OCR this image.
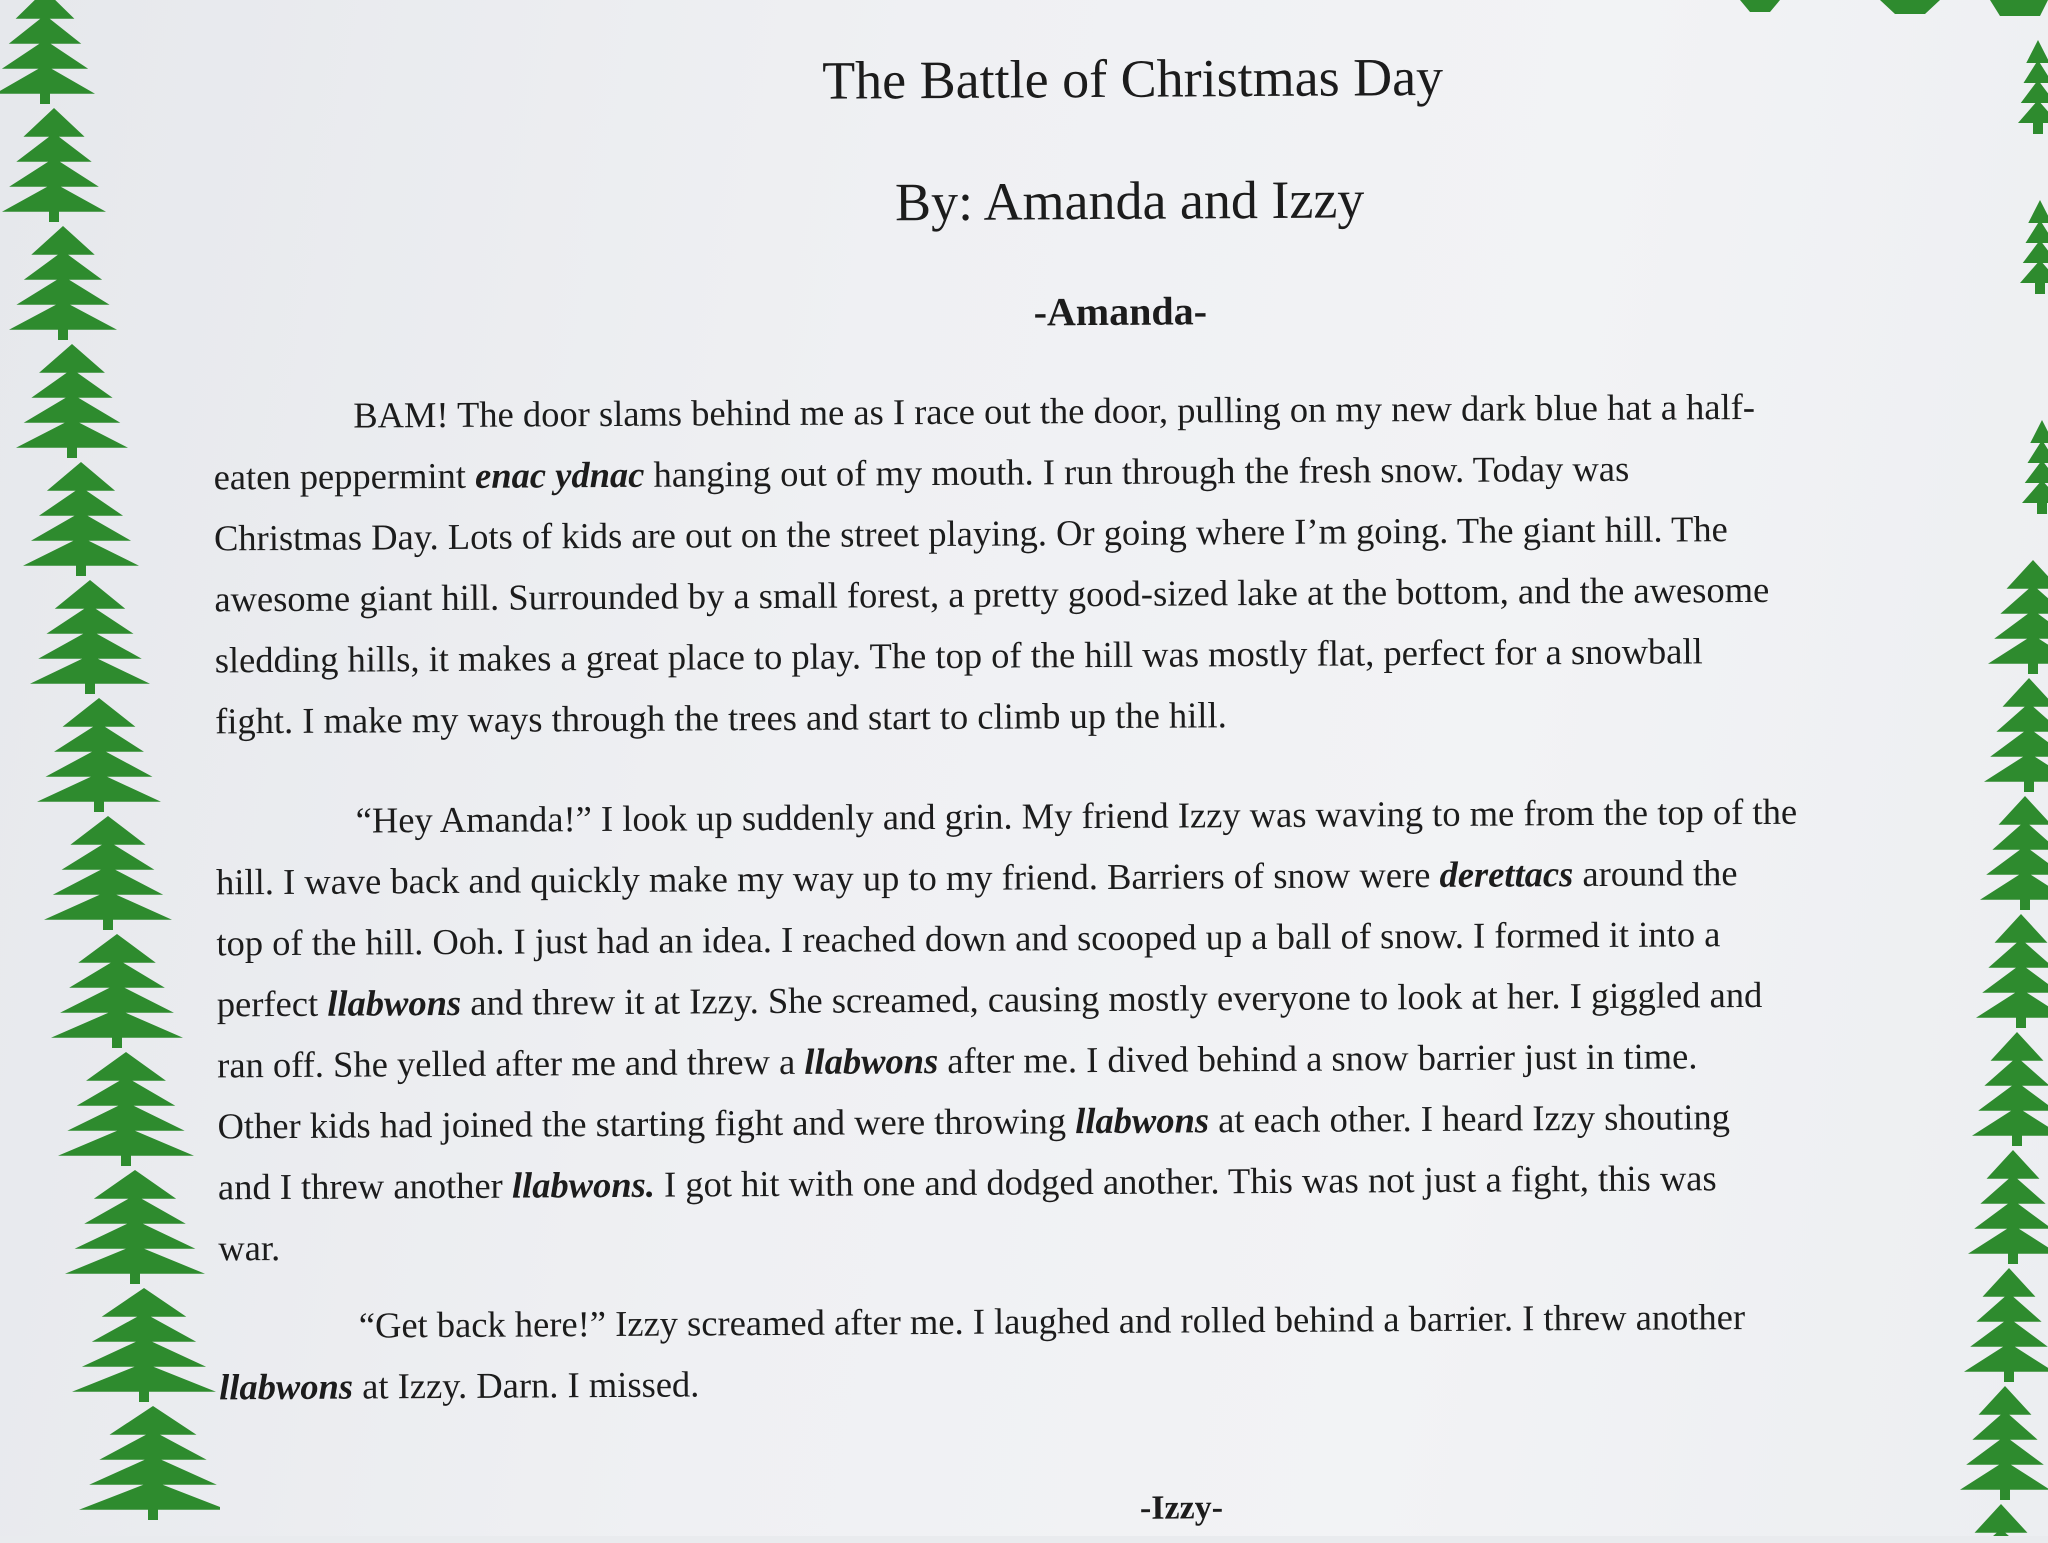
The Battle of Christmas Day
By: Amanda and Izzy
-Amanda-
BAM! The door slams behind me as I race out the door, pulling on my new dark blue hat a half-
eaten peppermint enac ydnac hanging out of my mouth. I run through the fresh snow. Today was
Christmas Day. Lots of kids are out on the street playing. Or going where I’m going. The giant hill. The
awesome giant hill. Surrounded by a small forest, a pretty good-sized lake at the bottom, and the awesome
sledding hills, it makes a great place to play. The top of the hill was mostly flat, perfect for a snowball
fight. I make my ways through the trees and start to climb up the hill.
“Hey Amanda!” I look up suddenly and grin. My friend Izzy was waving to me from the top of the
hill. I wave back and quickly make my way up to my friend. Barriers of snow were derettacs around the
top of the hill. Ooh. I just had an idea. I reached down and scooped up a ball of snow. I formed it into a
perfect llabwons and threw it at Izzy. She screamed, causing mostly everyone to look at her. I giggled and
ran off. She yelled after me and threw a llabwons after me. I dived behind a snow barrier just in time.
Other kids had joined the starting fight and were throwing llabwons at each other. I heard Izzy shouting
and I threw another llabwons. I got hit with one and dodged another. This was not just a fight, this was
war.
“Get back here!” Izzy screamed after me. I laughed and rolled behind a barrier. I threw another
llabwons at Izzy. Darn. I missed.
-Izzy-
